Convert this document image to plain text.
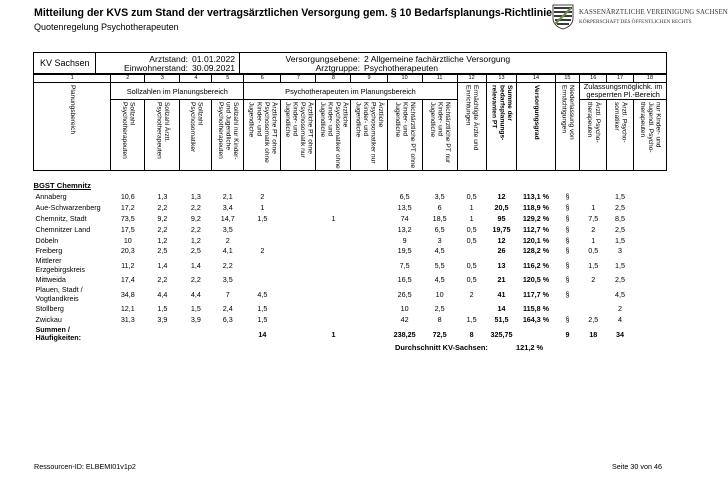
Mitteilung der KVS zum Stand der vertragsärztlichen Versorgung gem. § 10 Bedarfsplanungs-Richtlinie
Quotenregelung Psychotherapeuten
KASSENÄRZTLICHE VEREINIGUNG SACHSEN
KÖRPERSCHAFT DES ÖFFENTLICHEN RECHTS
KV Sachsen	Arztstand: 01.01.2022
Einwohnerstand: 30.09.2021
Versorgungsebene: 2 Allgemeine fachärztliche Versorgung
Arztgruppe: Psychotherapeuten
1	2	3	4	5	6	7	8	9	10	11	12	13	14	15	16	17	18

Planungsbereich	Sollzahlen im Planungsbereich				Psychotherapeuten im Planungsbereich						Ermächtigte Ärzte und Einrichtungen	Summe der bedarfsplanungs-relevanten PT	Versorgungsgrad	Niederlassung von Ermächtigungen	Zulassungsmöglichk. im gesperrten Pl.-Bereich		

	Sollzahl Psychotherapeuten	Sollzahl Ärztl. Psychotherapeuten	Sollzahl Psychosomatiker	Sollzahl nur Kinder- und Jugendliche Psychotherapeuten	Ärztliche PT ohne Psychosomatik ohne Kinder- und Jugendliche	Ärztliche PT ohne Psychosomatik nur Kinder- und Jugendliche	Ärztliche Psychosomatiker ohne Kinder- und Jugendliche	Ärztliche Psychosomatiker nur Kinder- und Jugendliche	Nichtärztliche PT ohne Kinder- und Jugendliche	Nichtärztliche PT nur Kinder- und Jugendliche					Ärztl. Psycho-therapeuten	Ärztl. Psycho-somatiker	nur Kinder- und Jugendl. Psycho-therapeuten

BGST Chemnitz																	
Annaberg	10,6	1,3	1,3	2,1	2				6,5	3,5	0,5	12	113,1 %	§		1,5	
Aue-Schwarzenberg	17,2	2,2	2,2	3,4	1				13,5	6	1	20,5	118,9 %	§	1	2,5	
Chemnitz, Stadt	73,5	9,2	9,2	14,7	1,5		1		74	18,5	1	95	129,2 %	§	7,5	8,5	
Chemnitzer Land	17,5	2,2	2,2	3,5					13,2	6,5	0,5	19,75	112,7 %	§	2	2,5	
Döbeln	10	1,2	1,2	2					9	3	0,5	12	120,1 %	§	1	1,5	
Freiberg	20,3	2,5	2,5	4,1	2				19,5	4,5		26	128,2 %	§	0,5	3	
Mittlerer Erzgebirgskreis	11,2	1,4	1,4	2,2					7,5	5,5	0,5	13	116,2 %	§	1,5	1,5	
Mittweida	17,4	2,2	2,2	3,5					16,5	4,5	0,5	21	120,5 %	§	2	2,5	
Plauen, Stadt / Vogtlandkreis	34,8	4,4	4,4	7	4,5				26,5	10	2	41	117,7 %	§		4,5	
Stollberg	12,1	1,5	1,5	2,4	1,5				10	2,5		14	115,8 %			2	
Zwickau	31,3	3,9	3,9	6,3	1,5				42	8	1,5	51,5	164,3 %	§	2,5	4	
Summen / Häufigkeiten:					14		1		238,25	72,5	8	325,75		9	18	34	
Durchschnitt KV-Sachsen:	121,2 %
Ressourcen-ID: ELBEMI01v1p2	Seite 30 von 46
